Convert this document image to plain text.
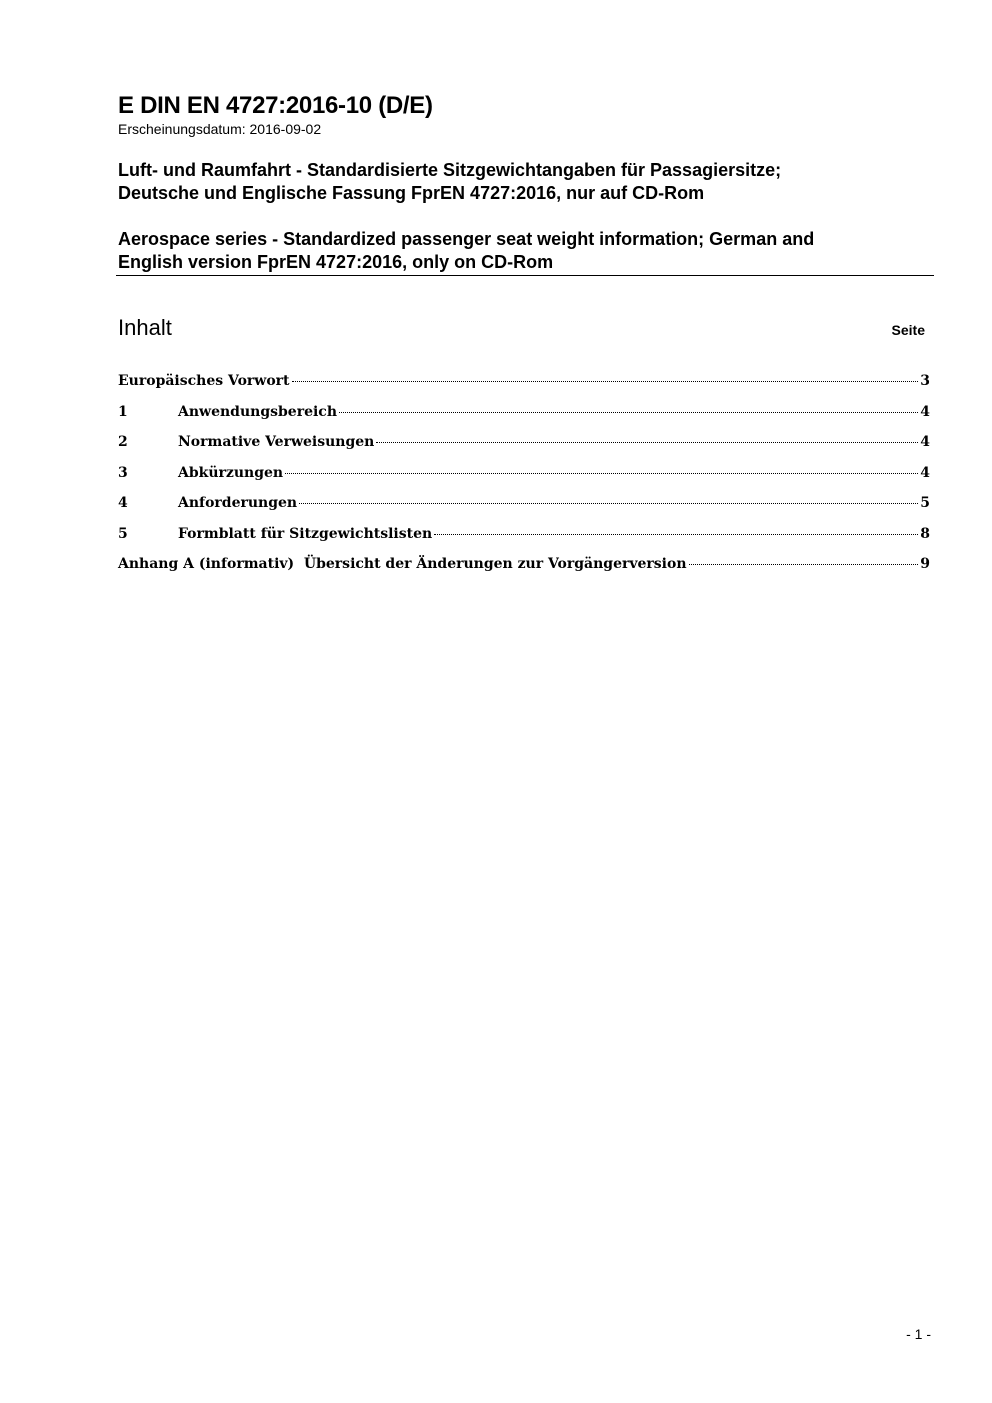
E DIN EN 4727:2016-10 (D/E)
Erscheinungsdatum: 2016-09-02
Luft- und Raumfahrt - Standardisierte Sitzgewichtangaben für Passagiersitze;
Deutsche und Englische Fassung FprEN 4727:2016, nur auf CD-Rom
Aerospace series - Standardized passenger seat weight information; German and
English version FprEN 4727:2016, only on CD-Rom
Inhalt	Seite
Europäisches Vorwort	3
1	Anwendungsbereich	4
2	Normative Verweisungen	4
3	Abkürzungen	4
4	Anforderungen	5
5	Formblatt für Sitzgewichtslisten	8
Anhang A (informativ)  Übersicht der Änderungen zur Vorgängerversion	9
- 1 -
